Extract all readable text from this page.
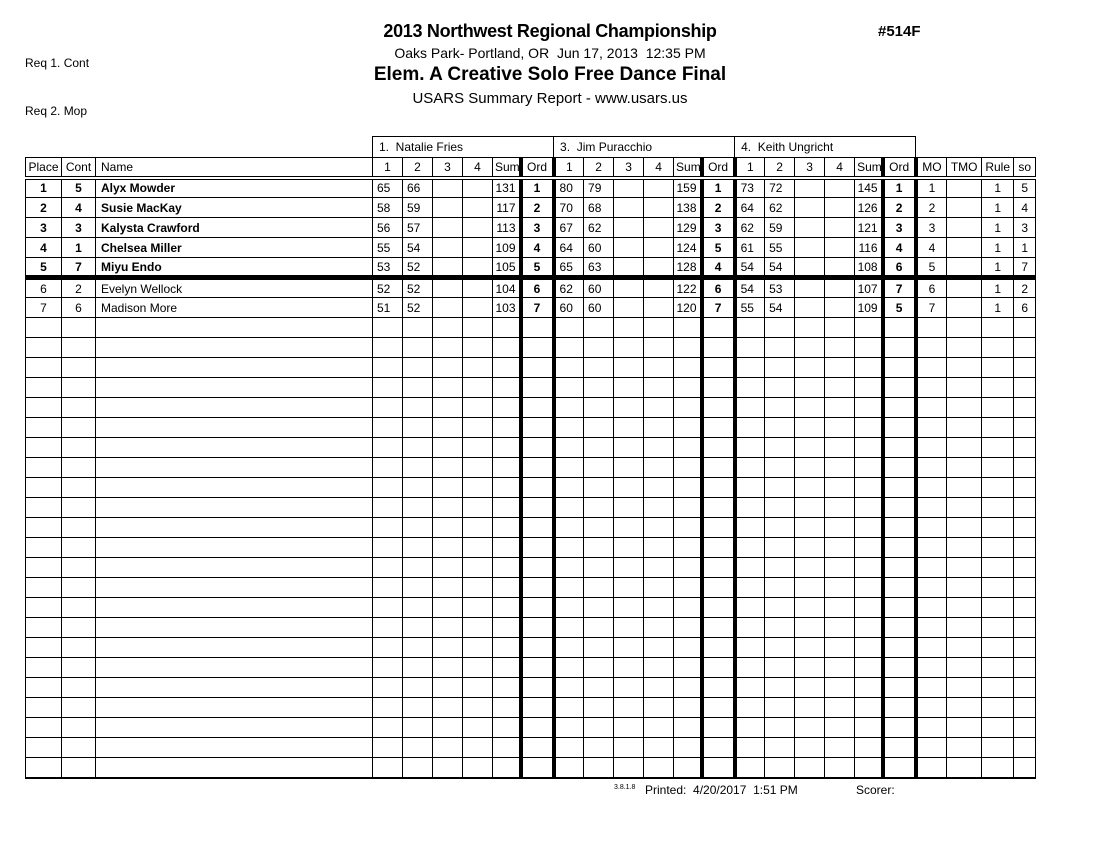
Req 1. Cont

Req 2. Mop

2013 Northwest Regional Championship
Oaks Park- Portland, OR  Jun 17, 2013  12:35 PM
Elem. A Creative Solo Free Dance Final
USARS Summary Report - www.usars.us
#514F
			1.  Natalie Fries						3.  Jim Puracchio						4.  Keith Ungricht									
Place	Cont	Name	1	2	3	4	Sum	Ord	1	2	3	4	Sum	Ord	1	2	3	4	Sum	Ord	MO	TMO	Rule	so
1	5	Alyx Mowder	65	66			131	1	80	79			159	1	73	72			145	1	1		1	5
2	4	Susie MacKay	58	59			117	2	70	68			138	2	64	62			126	2	2		1	4
3	3	Kalysta Crawford	56	57			113	3	67	62			129	3	62	59			121	3	3		1	3
4	1	Chelsea Miller	55	54			109	4	64	60			124	5	61	55			116	4	4		1	1
5	7	Miyu Endo	53	52			105	5	65	63			128	4	54	54			108	6	5		1	7
6	2	Evelyn Wellock	52	52			104	6	62	60			122	6	54	53			107	7	6		1	2
7	6	Madison More	51	52			103	7	60	60			120	7	55	54			109	5	7		1	6

3.8.1.8 Printed:  4/20/2017  1:51 PM	Scorer:
